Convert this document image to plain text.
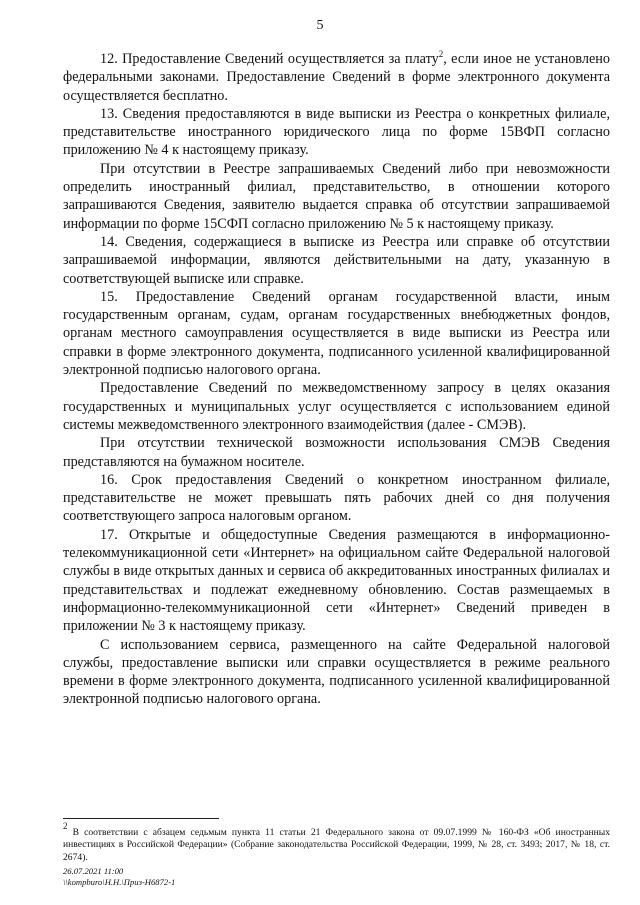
5

12. Предоставление Сведений осуществляется за плату$^2$, если иное не установлено федеральными законами. Предоставление Сведений в форме электронного документа осуществляется бесплатно.

13. Сведения предоставляются в виде выписки из Реестра о конкретных филиале, представительстве иностранного юридического лица по форме 15ВФП согласно приложению № 4 к настоящему приказу.

При отсутствии в Реестре запрашиваемых Сведений либо при невозможности определить иностранный филиал, представительство, в отношении которого запрашиваются Сведения, заявителю выдается справка об отсутствии запрашиваемой информации по форме 15СФП согласно приложению № 5 к настоящему приказу.

14. Сведения, содержащиеся в выписке из Реестра или справке об отсутствии запрашиваемой информации, являются действительными на дату, указанную в соответствующей выписке или справке.

15. Предоставление Сведений органам государственной власти, иным государственным органам, судам, органам государственных внебюджетных фондов, органам местного самоуправления осуществляется в виде выписки из Реестра или справки в форме электронного документа, подписанного усиленной квалифицированной электронной подписью налогового органа.

Предоставление Сведений по межведомственному запросу в целях оказания государственных и муниципальных услуг осуществляется с использованием единой системы межведомственного электронного взаимодействия (далее - СМЭВ).

При отсутствии технической возможности использования СМЭВ Сведения представляются на бумажном носителе.

16. Срок предоставления Сведений о конкретном иностранном филиале, представительстве не может превышать пять рабочих дней со дня получения соответствующего запроса налоговым органом.

17. Открытые и общедоступные Сведения размещаются в информационно-телекоммуникационной сети «Интернет» на официальном сайте Федеральной налоговой службы в виде открытых данных и сервиса об аккредитованных иностранных филиалах и представительствах и подлежат ежедневному обновлению. Состав размещаемых в информационно-телекоммуникационной сети «Интернет» Сведений приведен в приложении № 3 к настоящему приказу.

С использованием сервиса, размещенного на сайте Федеральной налоговой службы, предоставление выписки или справки осуществляется в режиме реального времени в форме электронного документа, подписанного усиленной квалифицированной электронной подписью налогового органа.

$^2$ В соответствии с абзацем седьмым пункта 11 статьи 21 Федерального закона от 09.07.1999 № 160-ФЗ «Об иностранных инвестициях в Российской Федерации» (Собрание законодательства Российской Федерации, 1999, № 28, ст. 3493; 2017, № 18, ст. 2674).
26.07.2021 11:00
\\kompburo\Н.Н.\Приз-Н6872-1
